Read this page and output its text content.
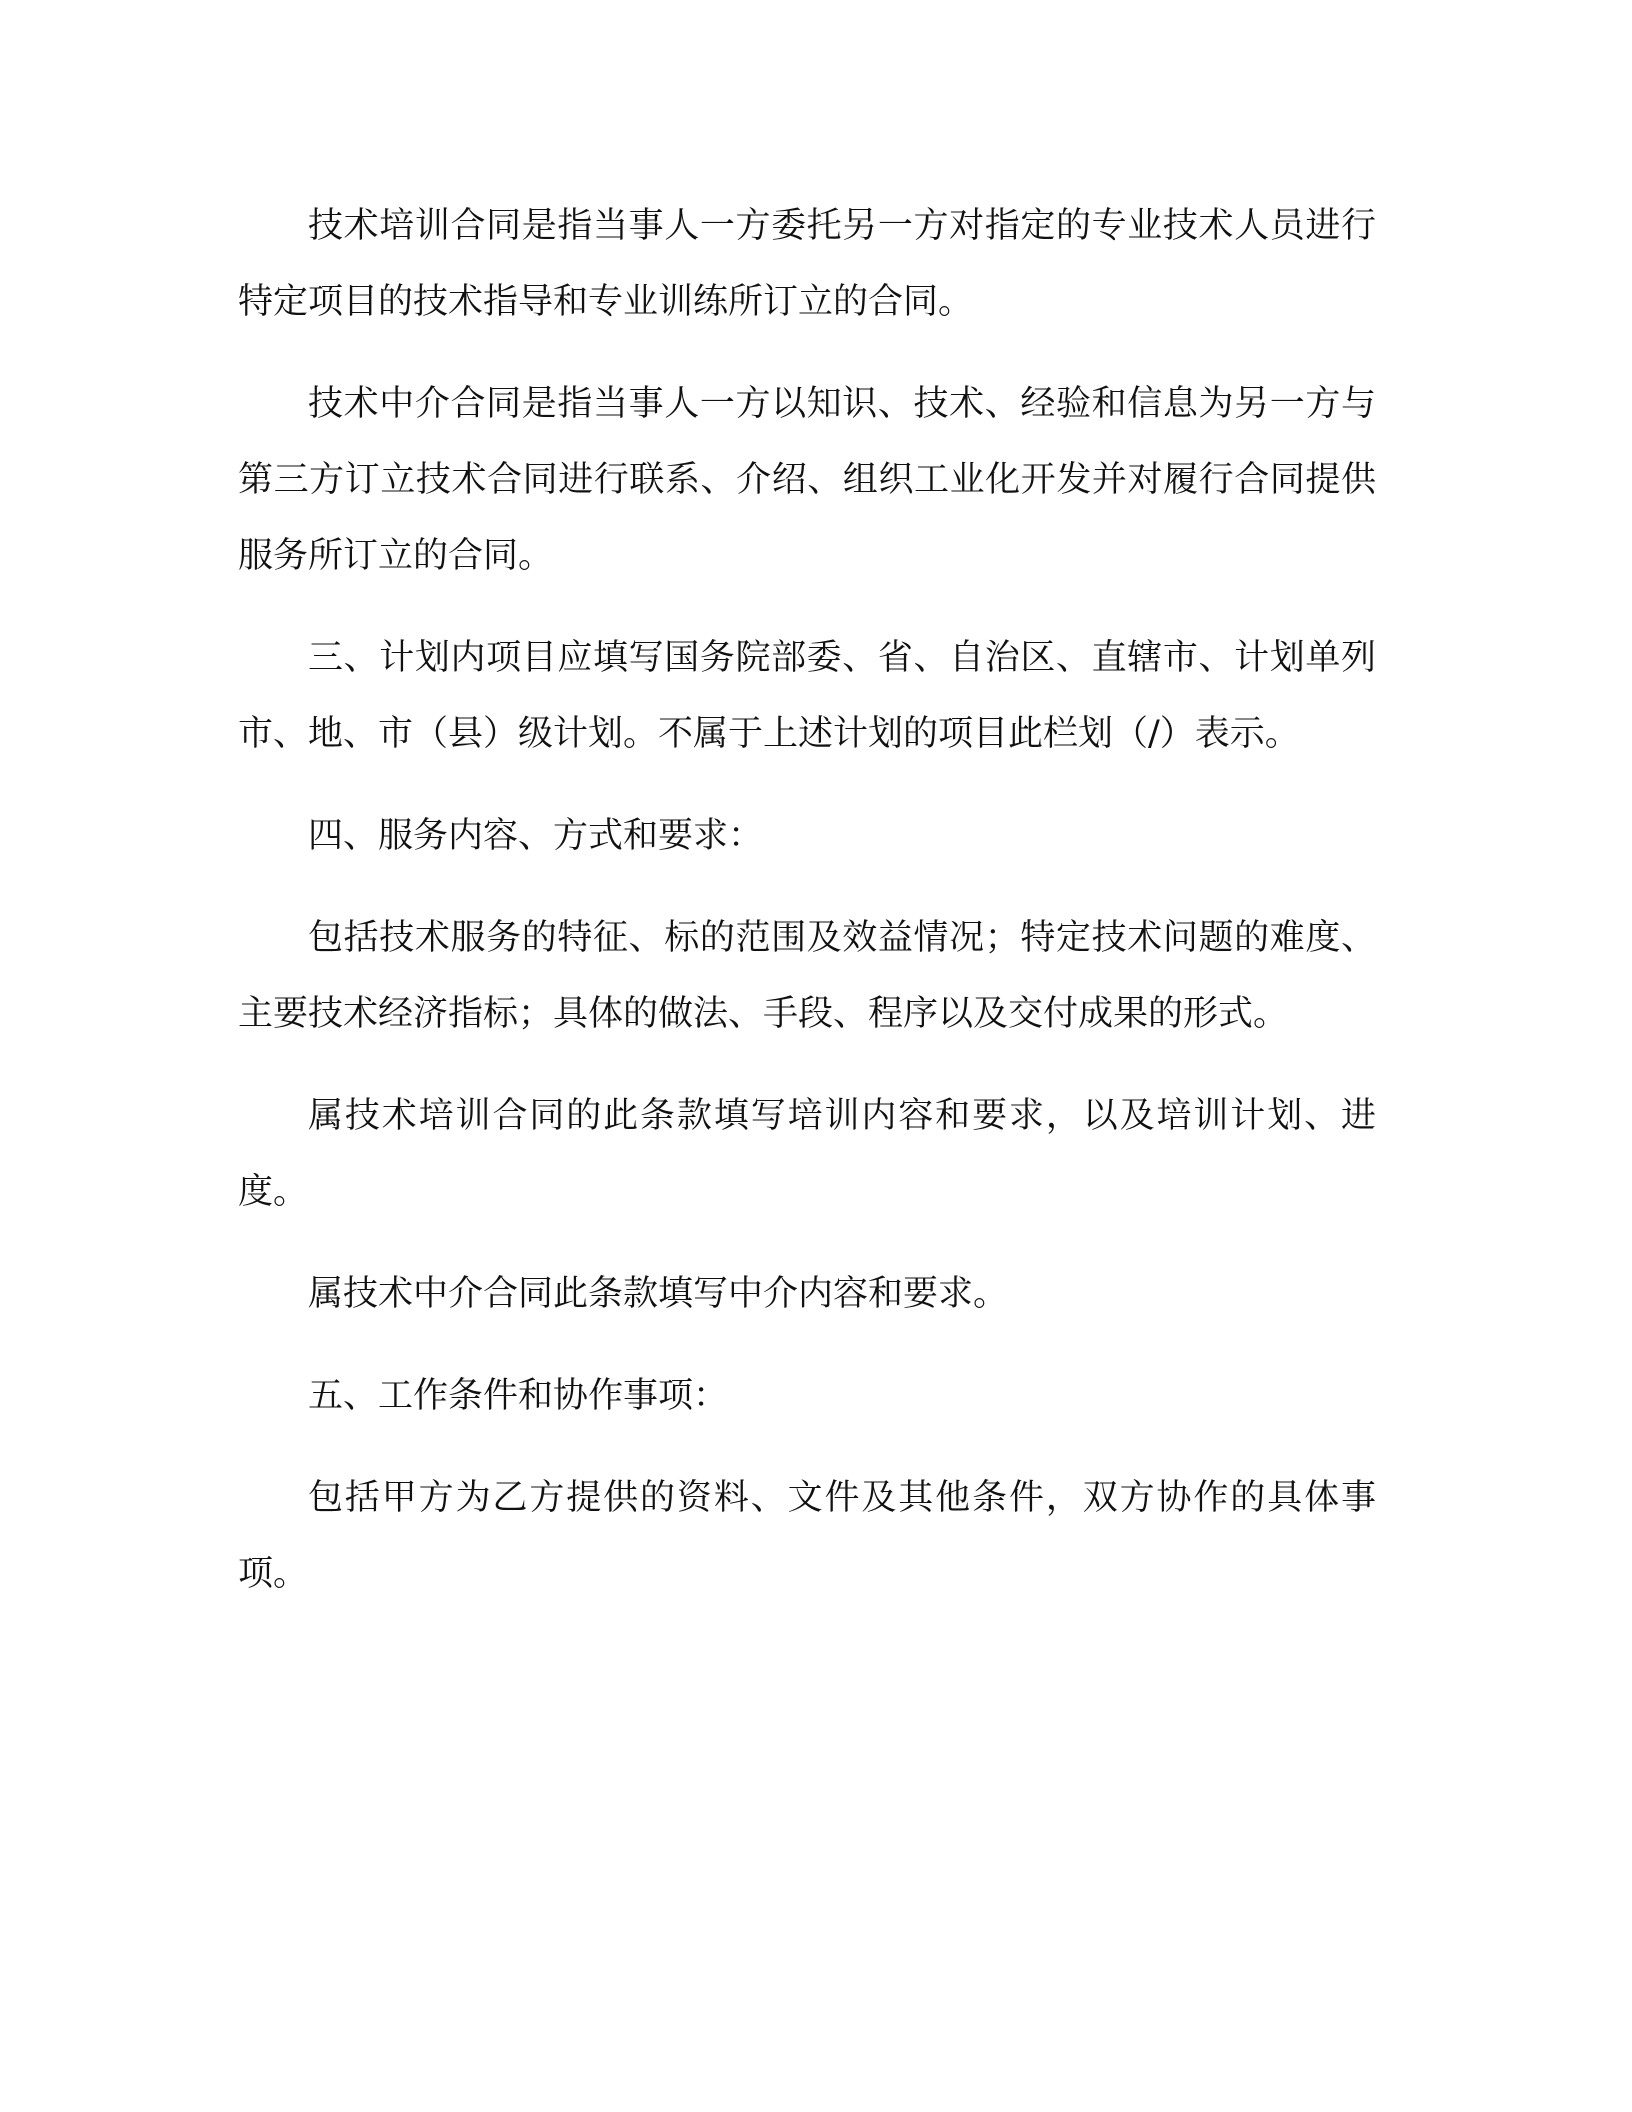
技术培训合同是指当事人一方委托另一方对指定的专业技术人员进行特定项目的技术指导和专业训练所订立的合同。

技术中介合同是指当事人一方以知识、技术、经验和信息为另一方与第三方订立技术合同进行联系、介绍、组织工业化开发并对履行合同提供服务所订立的合同。

三、计划内项目应填写国务院部委、省、自治区、直辖市、计划单列市、地、市（县）级计划。不属于上述计划的项目此栏划（/）表示。

四、服务内容、方式和要求：

包括技术服务的特征、标的范围及效益情况；特定技术问题的难度、主要技术经济指标；具体的做法、手段、程序以及交付成果的形式。

属技术培训合同的此条款填写培训内容和要求，以及培训计划、进度。

属技术中介合同此条款填写中介内容和要求。

五、工作条件和协作事项：

包括甲方为乙方提供的资料、文件及其他条件，双方协作的具体事项。
